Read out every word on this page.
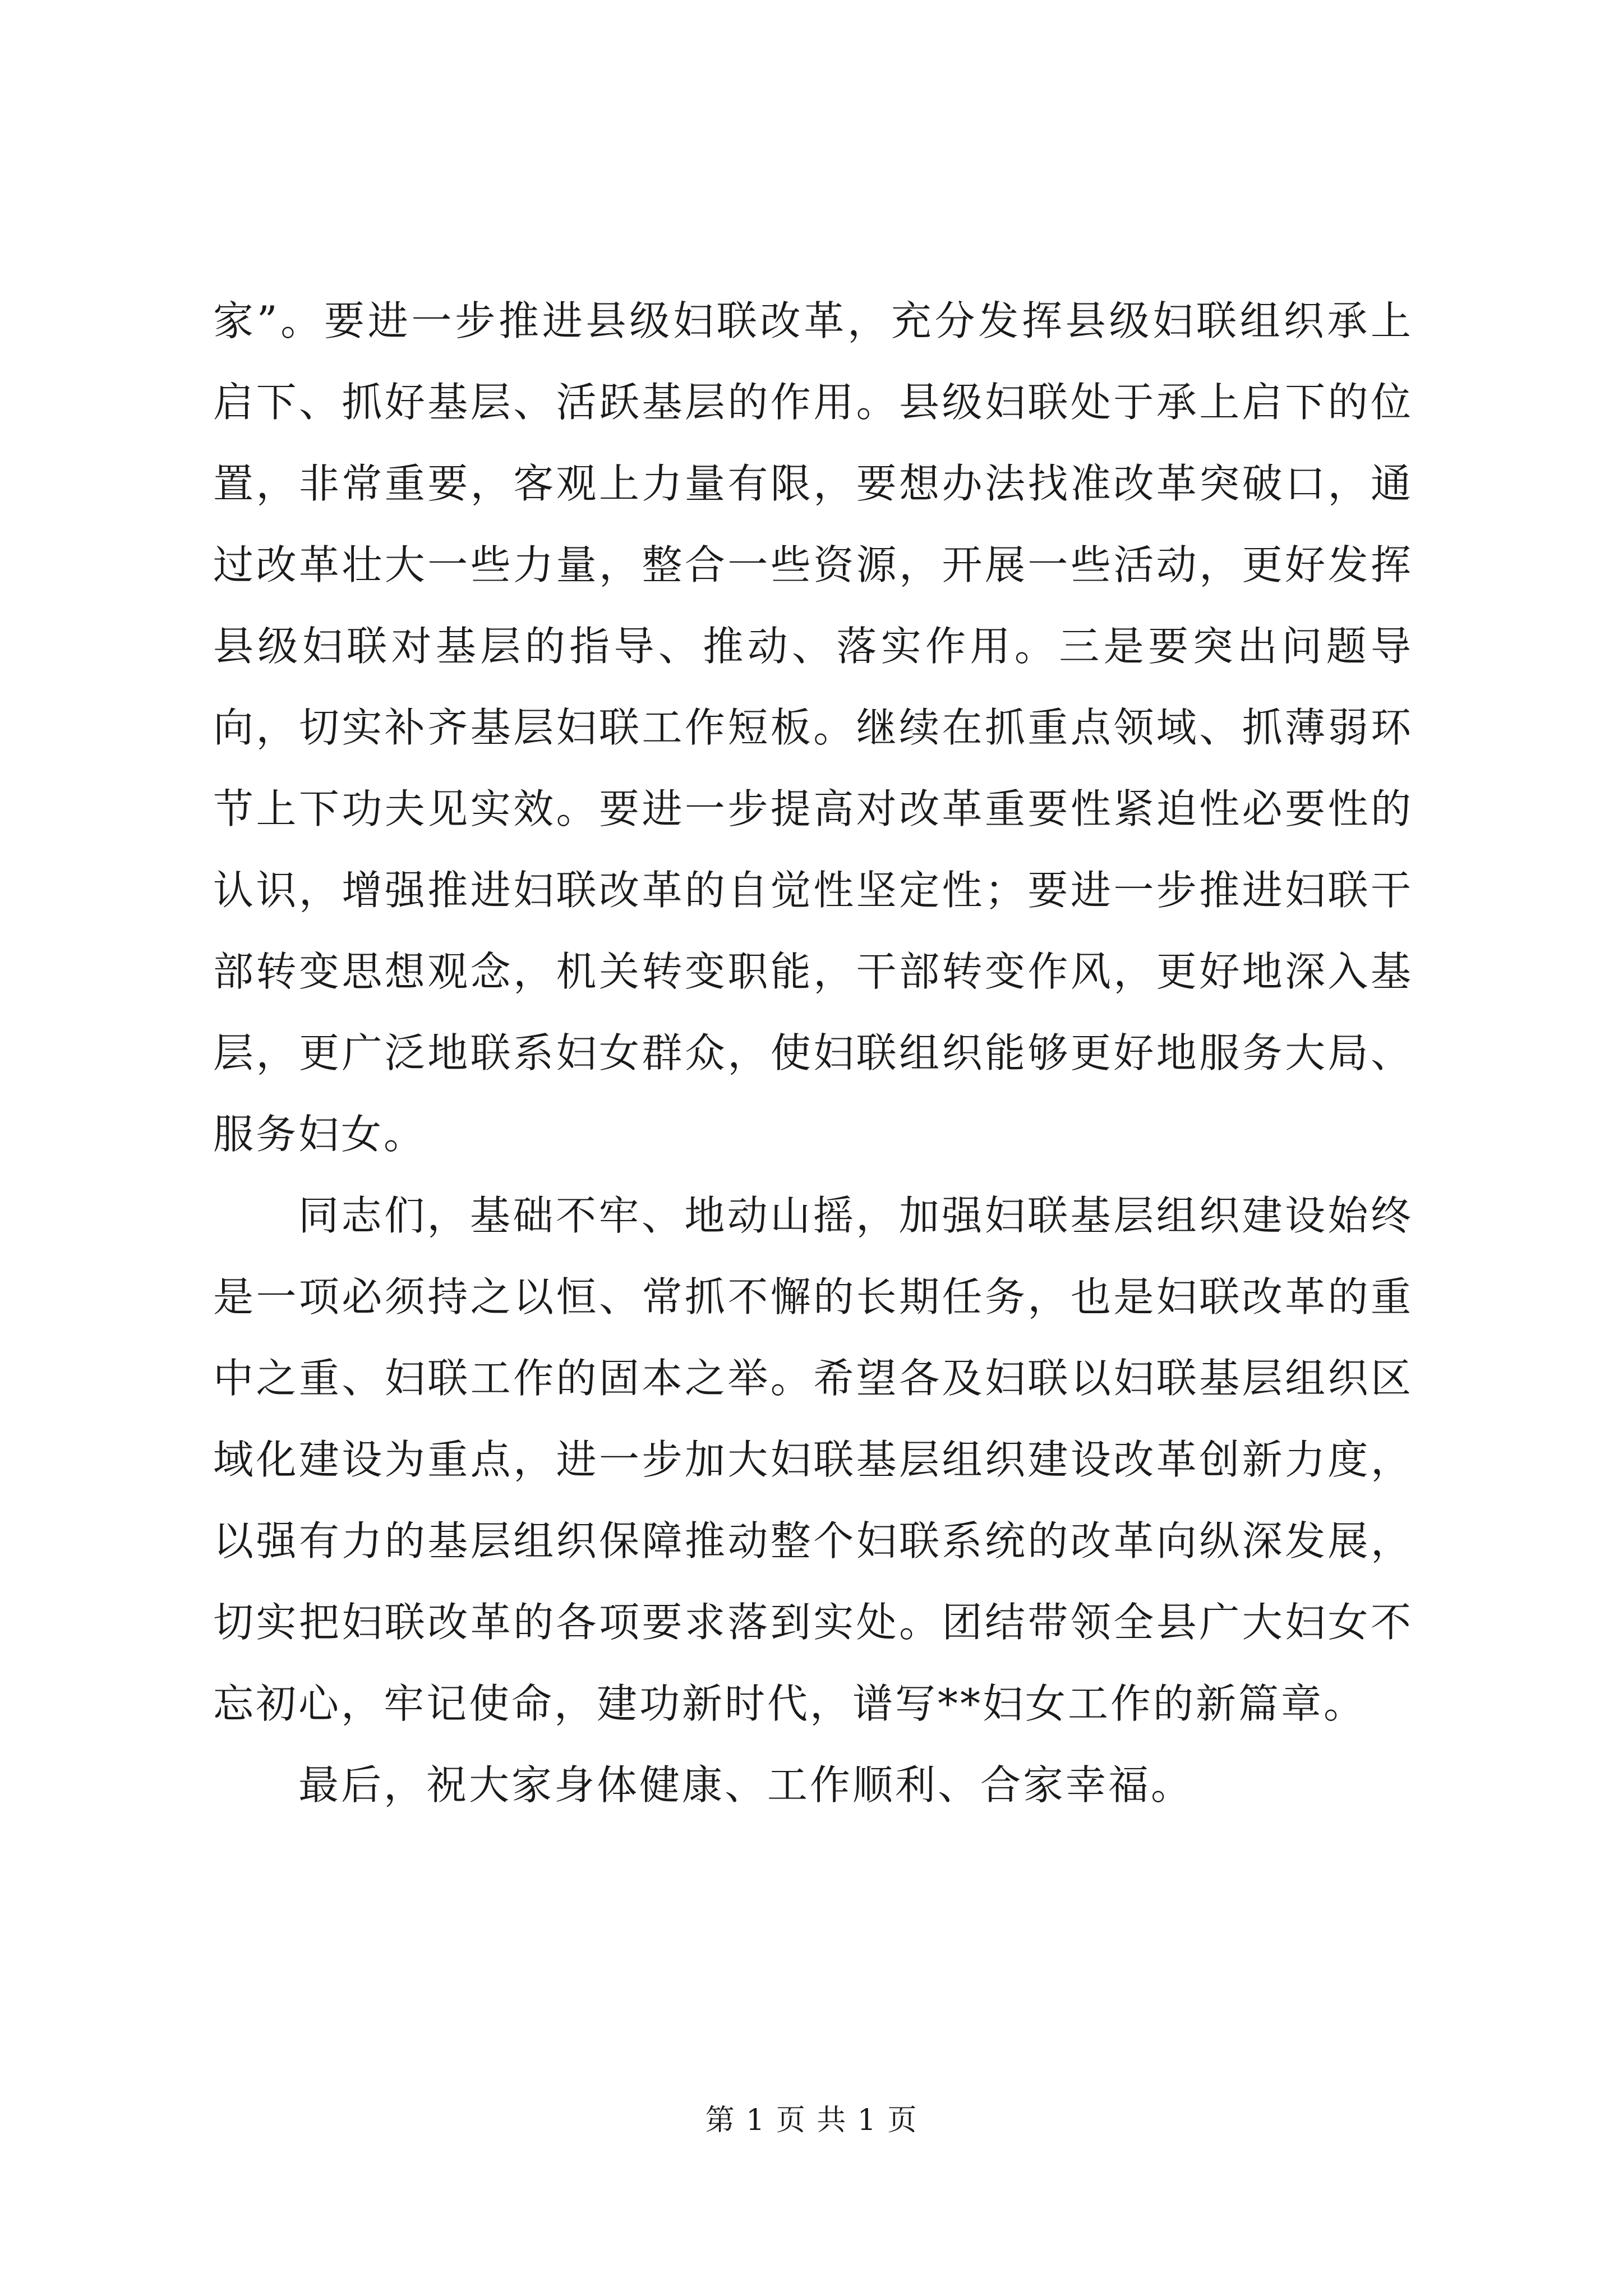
家”。要进一步推进县级妇联改革，充分发挥县级妇联组织承上启下、抓好基层、活跃基层的作用。县级妇联处于承上启下的位置，非常重要，客观上力量有限，要想办法找准改革突破口，通过改革壮大一些力量，整合一些资源，开展一些活动，更好发挥县级妇联对基层的指导、推动、落实作用。三是要突出问题导向，切实补齐基层妇联工作短板。继续在抓重点领域、抓薄弱环节上下功夫见实效。要进一步提高对改革重要性紧迫性必要性的认识，增强推进妇联改革的自觉性坚定性；要进一步推进妇联干部转变思想观念，机关转变职能，干部转变作风，更好地深入基层，更广泛地联系妇女群众，使妇联组织能够更好地服务大局、服务妇女。

同志们，基础不牢、地动山摇，加强妇联基层组织建设始终是一项必须持之以恒、常抓不懈的长期任务，也是妇联改革的重中之重、妇联工作的固本之举。希望各及妇联以妇联基层组织区域化建设为重点，进一步加大妇联基层组织建设改革创新力度，以强有力的基层组织保障推动整个妇联系统的改革向纵深发展，切实把妇联改革的各项要求落到实处。团结带领全县广大妇女不忘初心，牢记使命，建功新时代，谱写**妇女工作的新篇章。

最后，祝大家身体健康、工作顺利、合家幸福。

第 1 页 共 1 页
